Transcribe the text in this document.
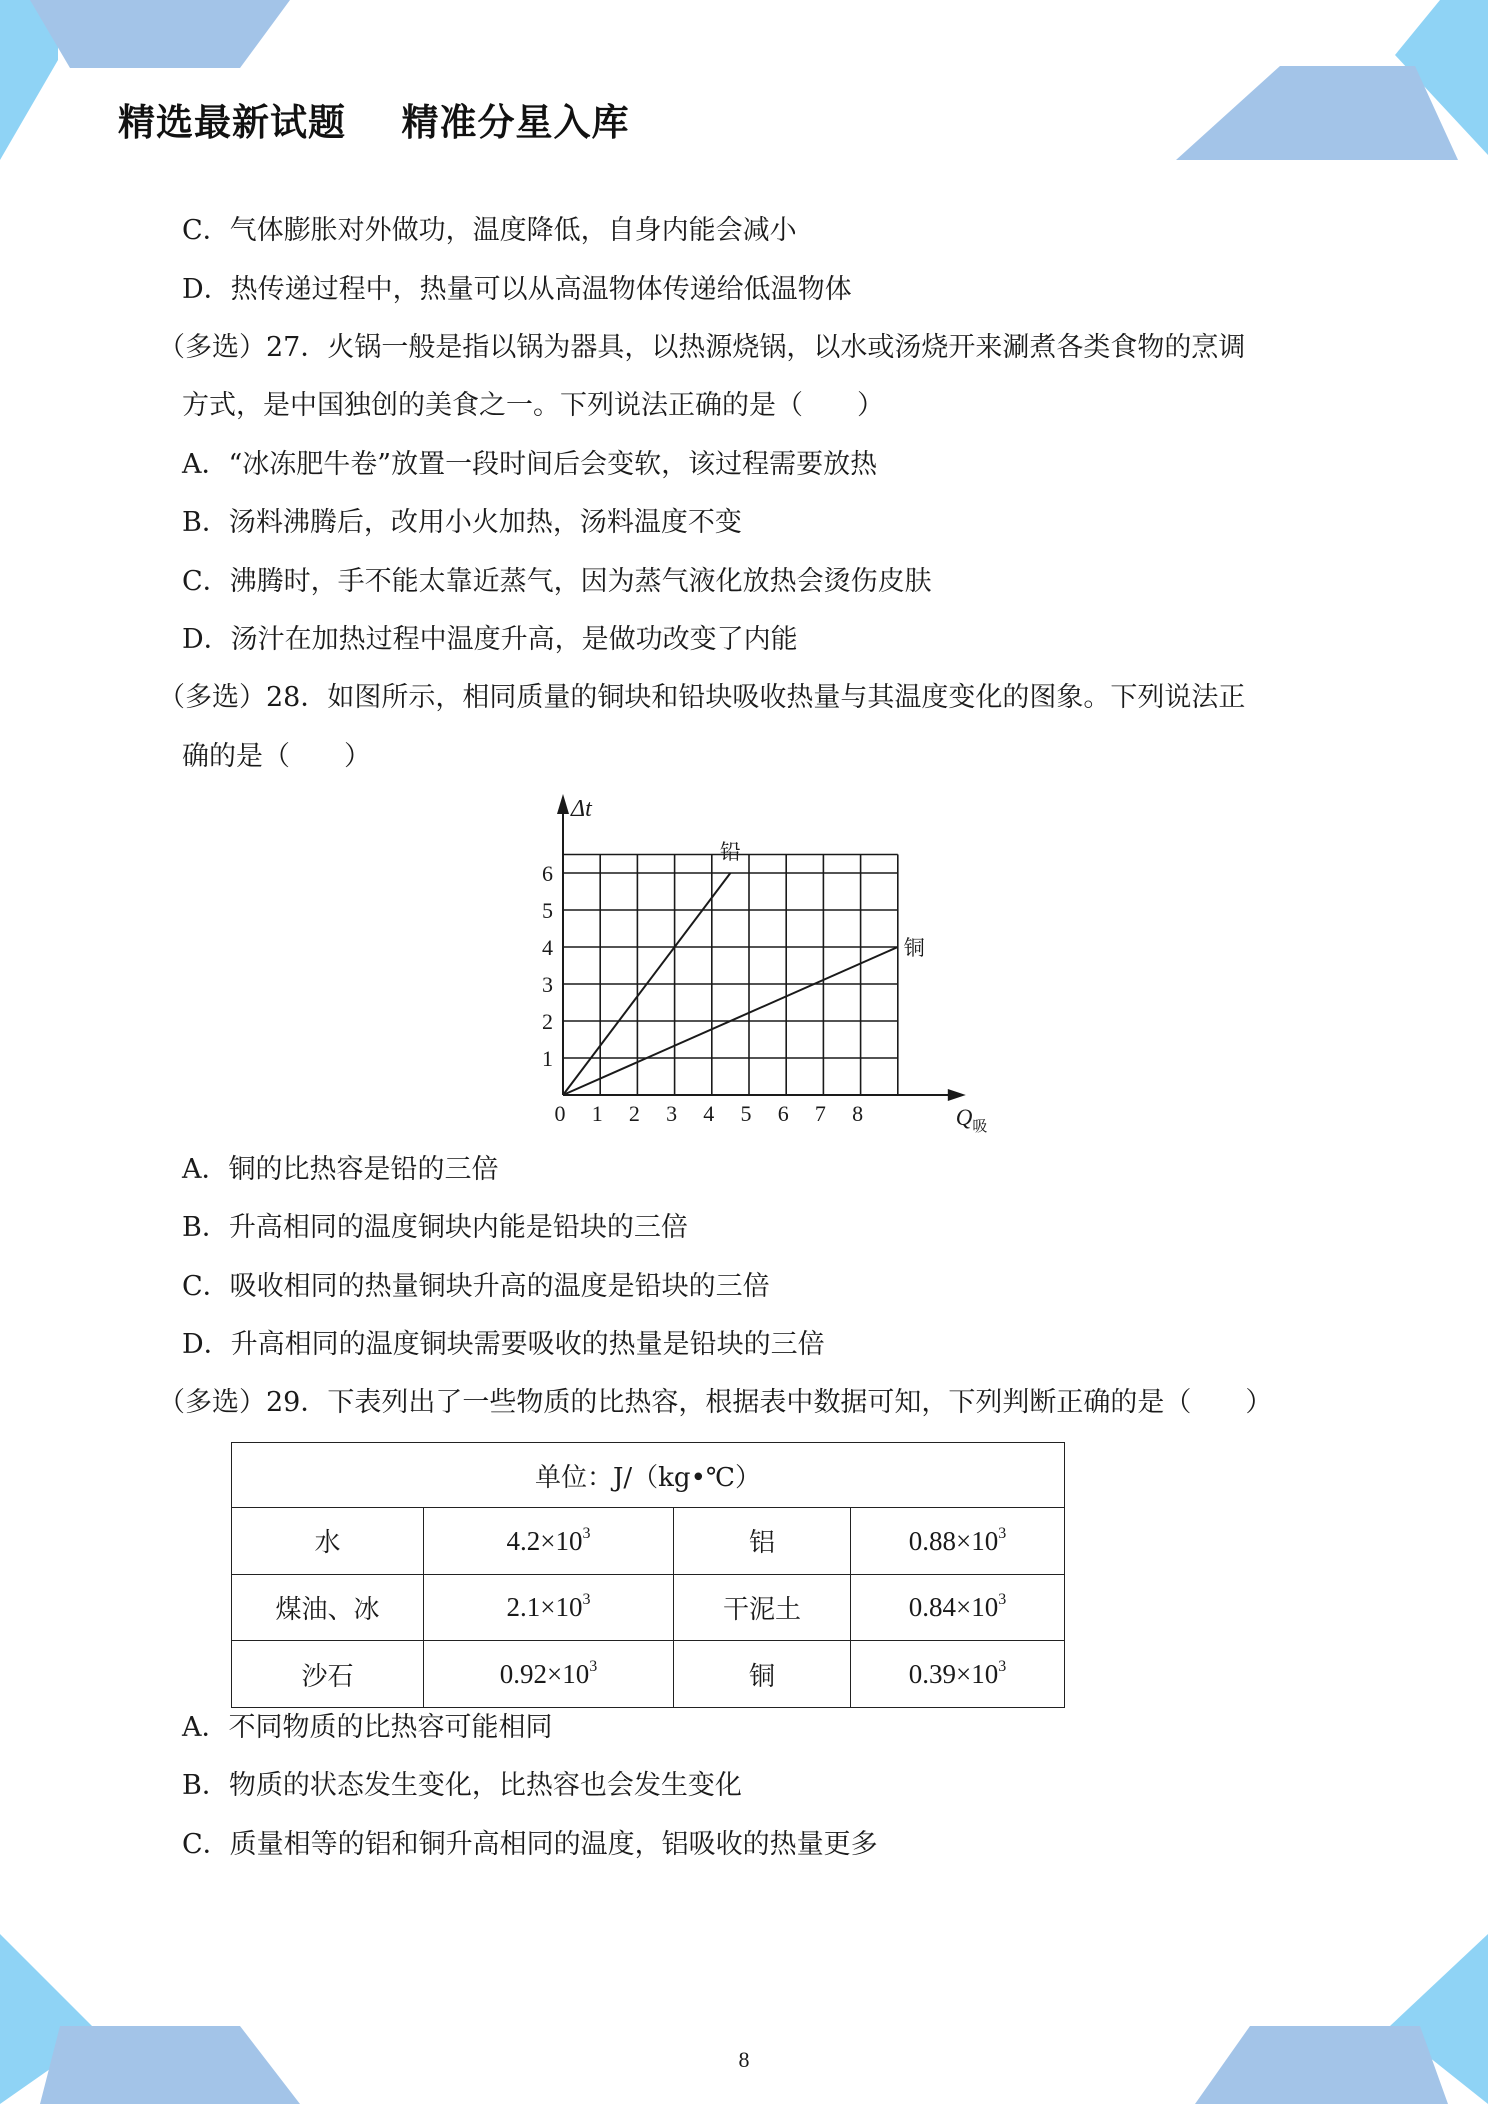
精选最新试题    精准分星入库
C．气体膨胀对外做功，温度降低，自身内能会减小
D．热传递过程中，热量可以从高温物体传递给低温物体
（多选）27．火锅一般是指以锅为器具，以热源烧锅，以水或汤烧开来涮煮各类食物的烹调
方式，是中国独创的美食之一。下列说法正确的是（　　）
A．“冰冻肥牛卷”放置一段时间后会变软，该过程需要放热
B．汤料沸腾后，改用小火加热，汤料温度不变
C．沸腾时，手不能太靠近蒸气，因为蒸气液化放热会烫伤皮肤
D．汤汁在加热过程中温度升高，是做功改变了内能
（多选）28．如图所示，相同质量的铜块和铅块吸收热量与其温度变化的图象。下列说法正
确的是（　　）
0 1 2 3 4 5 6 7 8
1
2
3
4
5
6
Δt
$Q_吸$
铅
铜
A．铜的比热容是铅的三倍
B．升高相同的温度铜块内能是铅块的三倍
C．吸收相同的热量铜块升高的温度是铅块的三倍
D．升高相同的温度铜块需要吸收的热量是铅块的三倍
（多选）29．下表列出了一些物质的比热容，根据表中数据可知，下列判断正确的是（　　）
单位：J/（kg•℃）			
水	$4.2\times 10^3$	铝	$0.88\times 10^3$
煤油、冰	$2.1\times 10^3$	干泥土	$0.84\times 10^3$
沙石	$0.92\times 10^3$	铜	$0.39\times 10^3$
A．不同物质的比热容可能相同
B．物质的状态发生变化，比热容也会发生变化
C．质量相等的铝和铜升高相同的温度，铝吸收的热量更多
8
